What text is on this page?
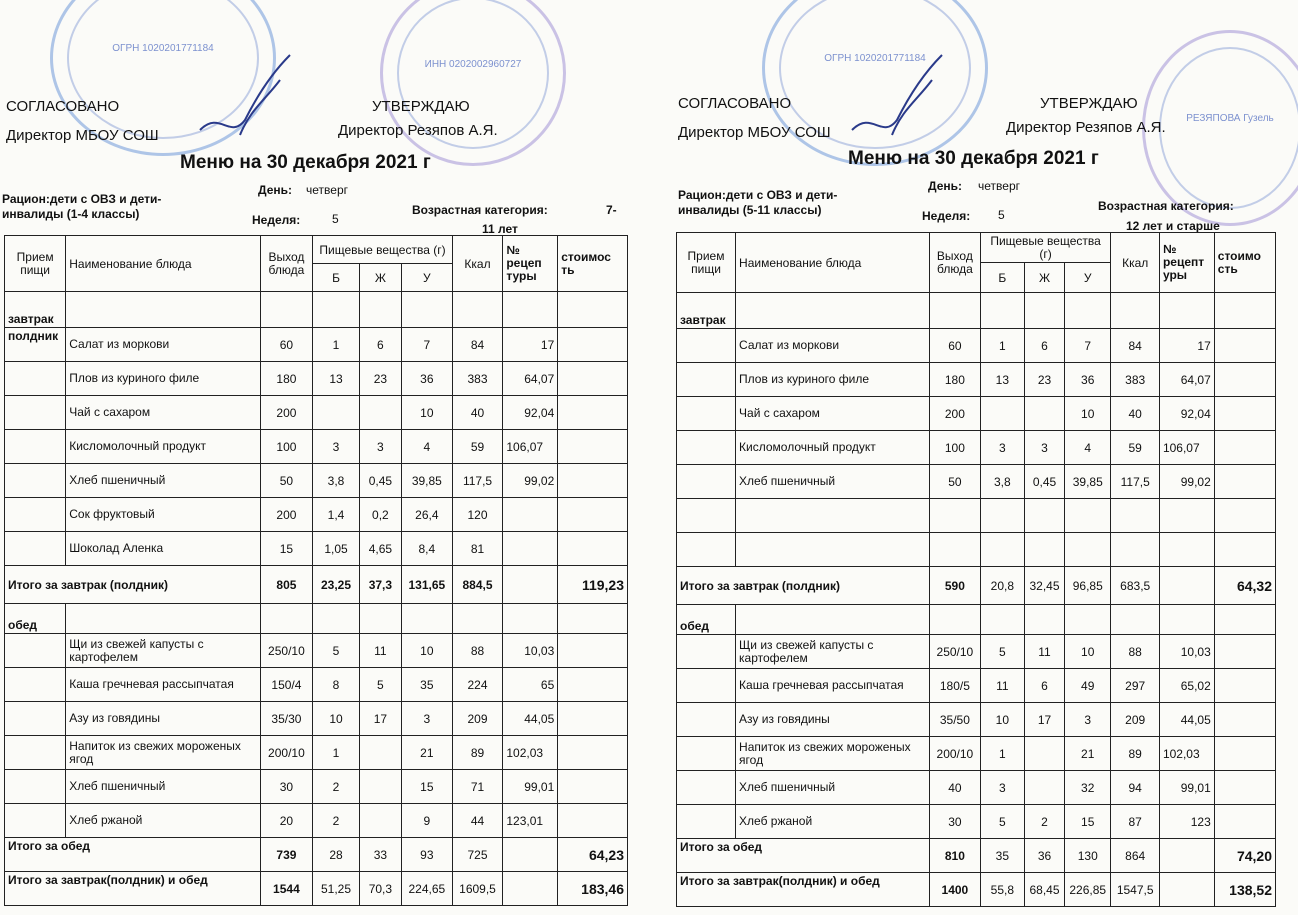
ОГРН 1020201771184
ИНН 0202002960727
СОГЛАСОВАНО
Директор МБОУ СОШ
УТВЕРЖДАЮ
Директор Резяпов А.Я.
Меню на 30 декабря 2021 г
Рацион:дети с ОВЗ и дети-
инвалиды (1-4 классы)
День: четверг
Неделя:	5
Возрастная категория:	7-
11 лет
Прием пищи	Наименование блюда	Выход блюда	Пищевые вещества (г)			Ккал	№ рецеп туры	стоимос ть
			Б	Ж	У			
завтрак								
полдник	Салат из моркови	60	1	6	7	84	17	
	Плов из куриного филе	180	13	23	36	383	64,07	
	Чай с сахаром	200			10	40	92,04	
	Кисломолочный продукт	100	3	3	4	59	106,07	
	Хлеб пшеничный	50	3,8	0,45	39,85	117,5	99,02	
	Сок фруктовый	200	1,4	0,2	26,4	120		
	Шоколад Аленка	15	1,05	4,65	8,4	81		
Итого за завтрак (полдник)		805	23,25	37,3	131,65	884,5		119,23
обед								
	Щи из свежей капусты с картофелем	250/10	5	11	10	88	10,03	
	Каша гречневая рассыпчатая	150/4	8	5	35	224	65	
	Азу из говядины	35/30	10	17	3	209	44,05	
	Напиток из свежих мороженых ягод	200/10	1		21	89	102,03	
	Хлеб пшеничный	30	2		15	71	99,01	
	Хлеб ржаной	20	2		9	44	123,01	
Итого за обед		739	28	33	93	725		64,23
Итого за завтрак(полдник) и обед		1544	51,25	70,3	224,65	1609,5		183,46
ОГРН 1020201771184
РЕЗЯПОВА Гузель
СОГЛАСОВАНО
Директор МБОУ СОШ
УТВЕРЖДАЮ
Директор Резяпов А.Я.
Меню на 30 декабря 2021 г
Рацион:дети с ОВЗ и дети-
инвалиды (5-11 классы)
День: четверг
Неделя: 5
Возрастная категория:
12 лет и старше
Прием пищи	Наименование блюда	Выход блюда	Пищевые вещества (г)			Ккал	№ рецепт уры	стоимо сть
			Б	Ж	У			
завтрак								
	Салат из моркови	60	1	6	7	84	17	
	Плов из куриного филе	180	13	23	36	383	64,07	
	Чай с сахаром	200			10	40	92,04	
	Кисломолочный продукт	100	3	3	4	59	106,07	
	Хлеб пшеничный	50	3,8	0,45	39,85	117,5	99,02	

Итого за завтрак (полдник)		590	20,8	32,45	96,85	683,5		64,32
обед								
	Щи из свежей капусты с картофелем	250/10	5	11	10	88	10,03	
	Каша гречневая рассыпчатая	180/5	11	6	49	297	65,02	
	Азу из говядины	35/50	10	17	3	209	44,05	
	Напиток из свежих мороженых ягод	200/10	1		21	89	102,03	
	Хлеб пшеничный	40	3		32	94	99,01	
	Хлеб ржаной	30	5	2	15	87	123	
Итого за обед		810	35	36	130	864		74,20
Итого за завтрак(полдник) и обед		1400	55,8	68,45	226,85	1547,5		138,52
